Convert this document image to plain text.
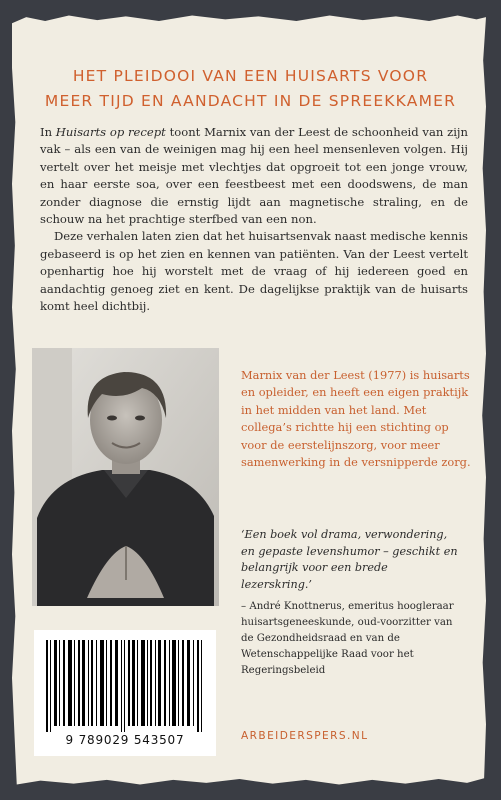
HET PLEIDOOI VAN EEN HUISARTS VOOR
MEER TIJD EN AANDACHT IN DE SPREEKKAMER

In Huisarts op recept toont Marnix van der Leest de schoonheid van zijn vak – als een van de weinigen mag hij een heel mensenleven volgen. Hij vertelt over het meisje met vlechtjes dat opgroeit tot een jonge vrouw, en haar eerste soa, over een feestbeest met een doodswens, de man zonder diagnose die ernstig lijdt aan magnetische straling, en de schouw na het prachtige sterfbed van een non.

Deze verhalen laten zien dat het huisartsenvak naast medische kennis gebaseerd is op het zien en kennen van patiënten. Van der Leest vertelt openhartig hoe hij worstelt met de vraag of hij iedereen goed en aandachtig genoeg ziet en kent. De dagelijkse praktijk van de huisarts komt heel dichtbij.

Marnix van der Leest (1977) is huisarts en opleider, en heeft een eigen praktijk in het midden van het land. Met collega’s richtte hij een stichting op voor de eerstelijnszorg, voor meer samenwerking in de versnipperde zorg.
‘Een boek vol drama, verwondering, en gepaste levenshumor – geschikt en belangrijk voor een brede lezerskring.’
– André Knottnerus, emeritus hoogleraar huisartsgeneeskunde, oud-voorzitter van de Gezondheidsraad en van de Wetenschappelijke Raad voor het Regeringsbeleid
9 789029 543507	ARBEIDERSPERS.NL
